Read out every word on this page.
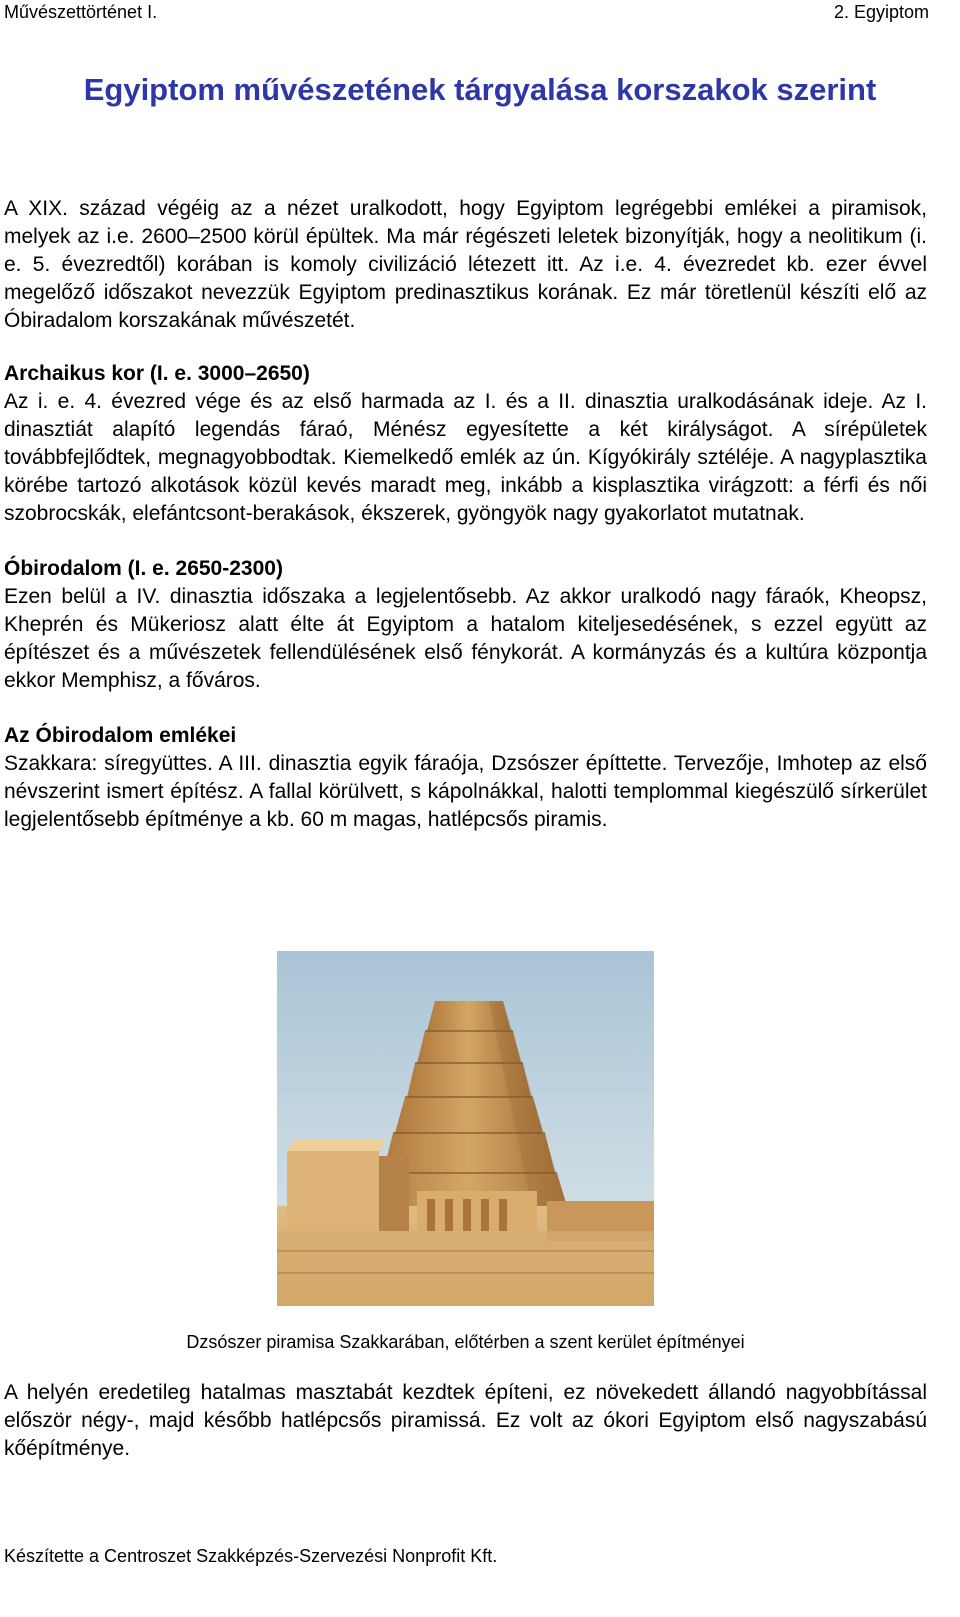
Művészettörténet I.	2. Egyiptom
Egyiptom művészetének tárgyalása korszakok szerint

A XIX. század végéig az a nézet uralkodott, hogy Egyiptom legrégebbi emlékei a piramisok, melyek az i.e. 2600–2500 körül épültek. Ma már régészeti leletek bizonyítják, hogy a neolitikum (i. e. 5. évezredtől) korában is komoly civilizáció létezett itt. Az i.e. 4. évezredet kb. ezer évvel megelőző időszakot nevezzük Egyiptom predinasztikus korának. Ez már töretlenül készíti elő az Óbiradalom korszakának művészetét.

Archaikus kor (I. e. 3000–2650)

Az i. e. 4. évezred vége és az első harmada az I. és a II. dinasztia uralkodásának ideje. Az I. dinasztiát alapító legendás fáraó, Ménész egyesítette a két királyságot. A sírépületek továbbfejlődtek, megnagyobbodtak. Kiemelkedő emlék az ún. Kígyókirály sztéléje. A nagyplasztika körébe tartozó alkotások közül kevés maradt meg, inkább a kisplasztika virágzott: a férfi és női szobrocskák, elefántcsont-berakások, ékszerek, gyöngyök nagy gyakorlatot mutatnak.

Óbirodalom (I. e. 2650-2300)

Ezen belül a IV. dinasztia időszaka a legjelentősebb. Az akkor uralkodó nagy fáraók, Kheopsz, Kheprén és Mükeriosz alatt élte át Egyiptom a hatalom kiteljesedésének, s ezzel együtt az építészet és a művészetek fellendülésének első fénykorát. A kormányzás és a kultúra központja ekkor Memphisz, a főváros.

Az Óbirodalom emlékei

Szakkara: síregyüttes. A III. dinasztia egyik fáraója, Dzsószer építtette. Tervezője, Imhotep az első névszerint ismert építész. A fallal körülvett, s kápolnákkal, halotti templommal kiegészülő sírkerület legjelentősebb építménye a kb. 60 m magas, hatlépcsős piramis.

Dzsószer piramisa Szakkarában, előtérben a szent kerület építményei

A helyén eredetileg hatalmas masztabát kezdtek építeni, ez növekedett állandó nagyobbítással először négy-, majd később hatlépcsős piramissá. Ez volt az ókori Egyiptom első nagyszabású kőépítménye.

Készítette a Centroszet Szakképzés-Szervezési Nonprofit Kft.
